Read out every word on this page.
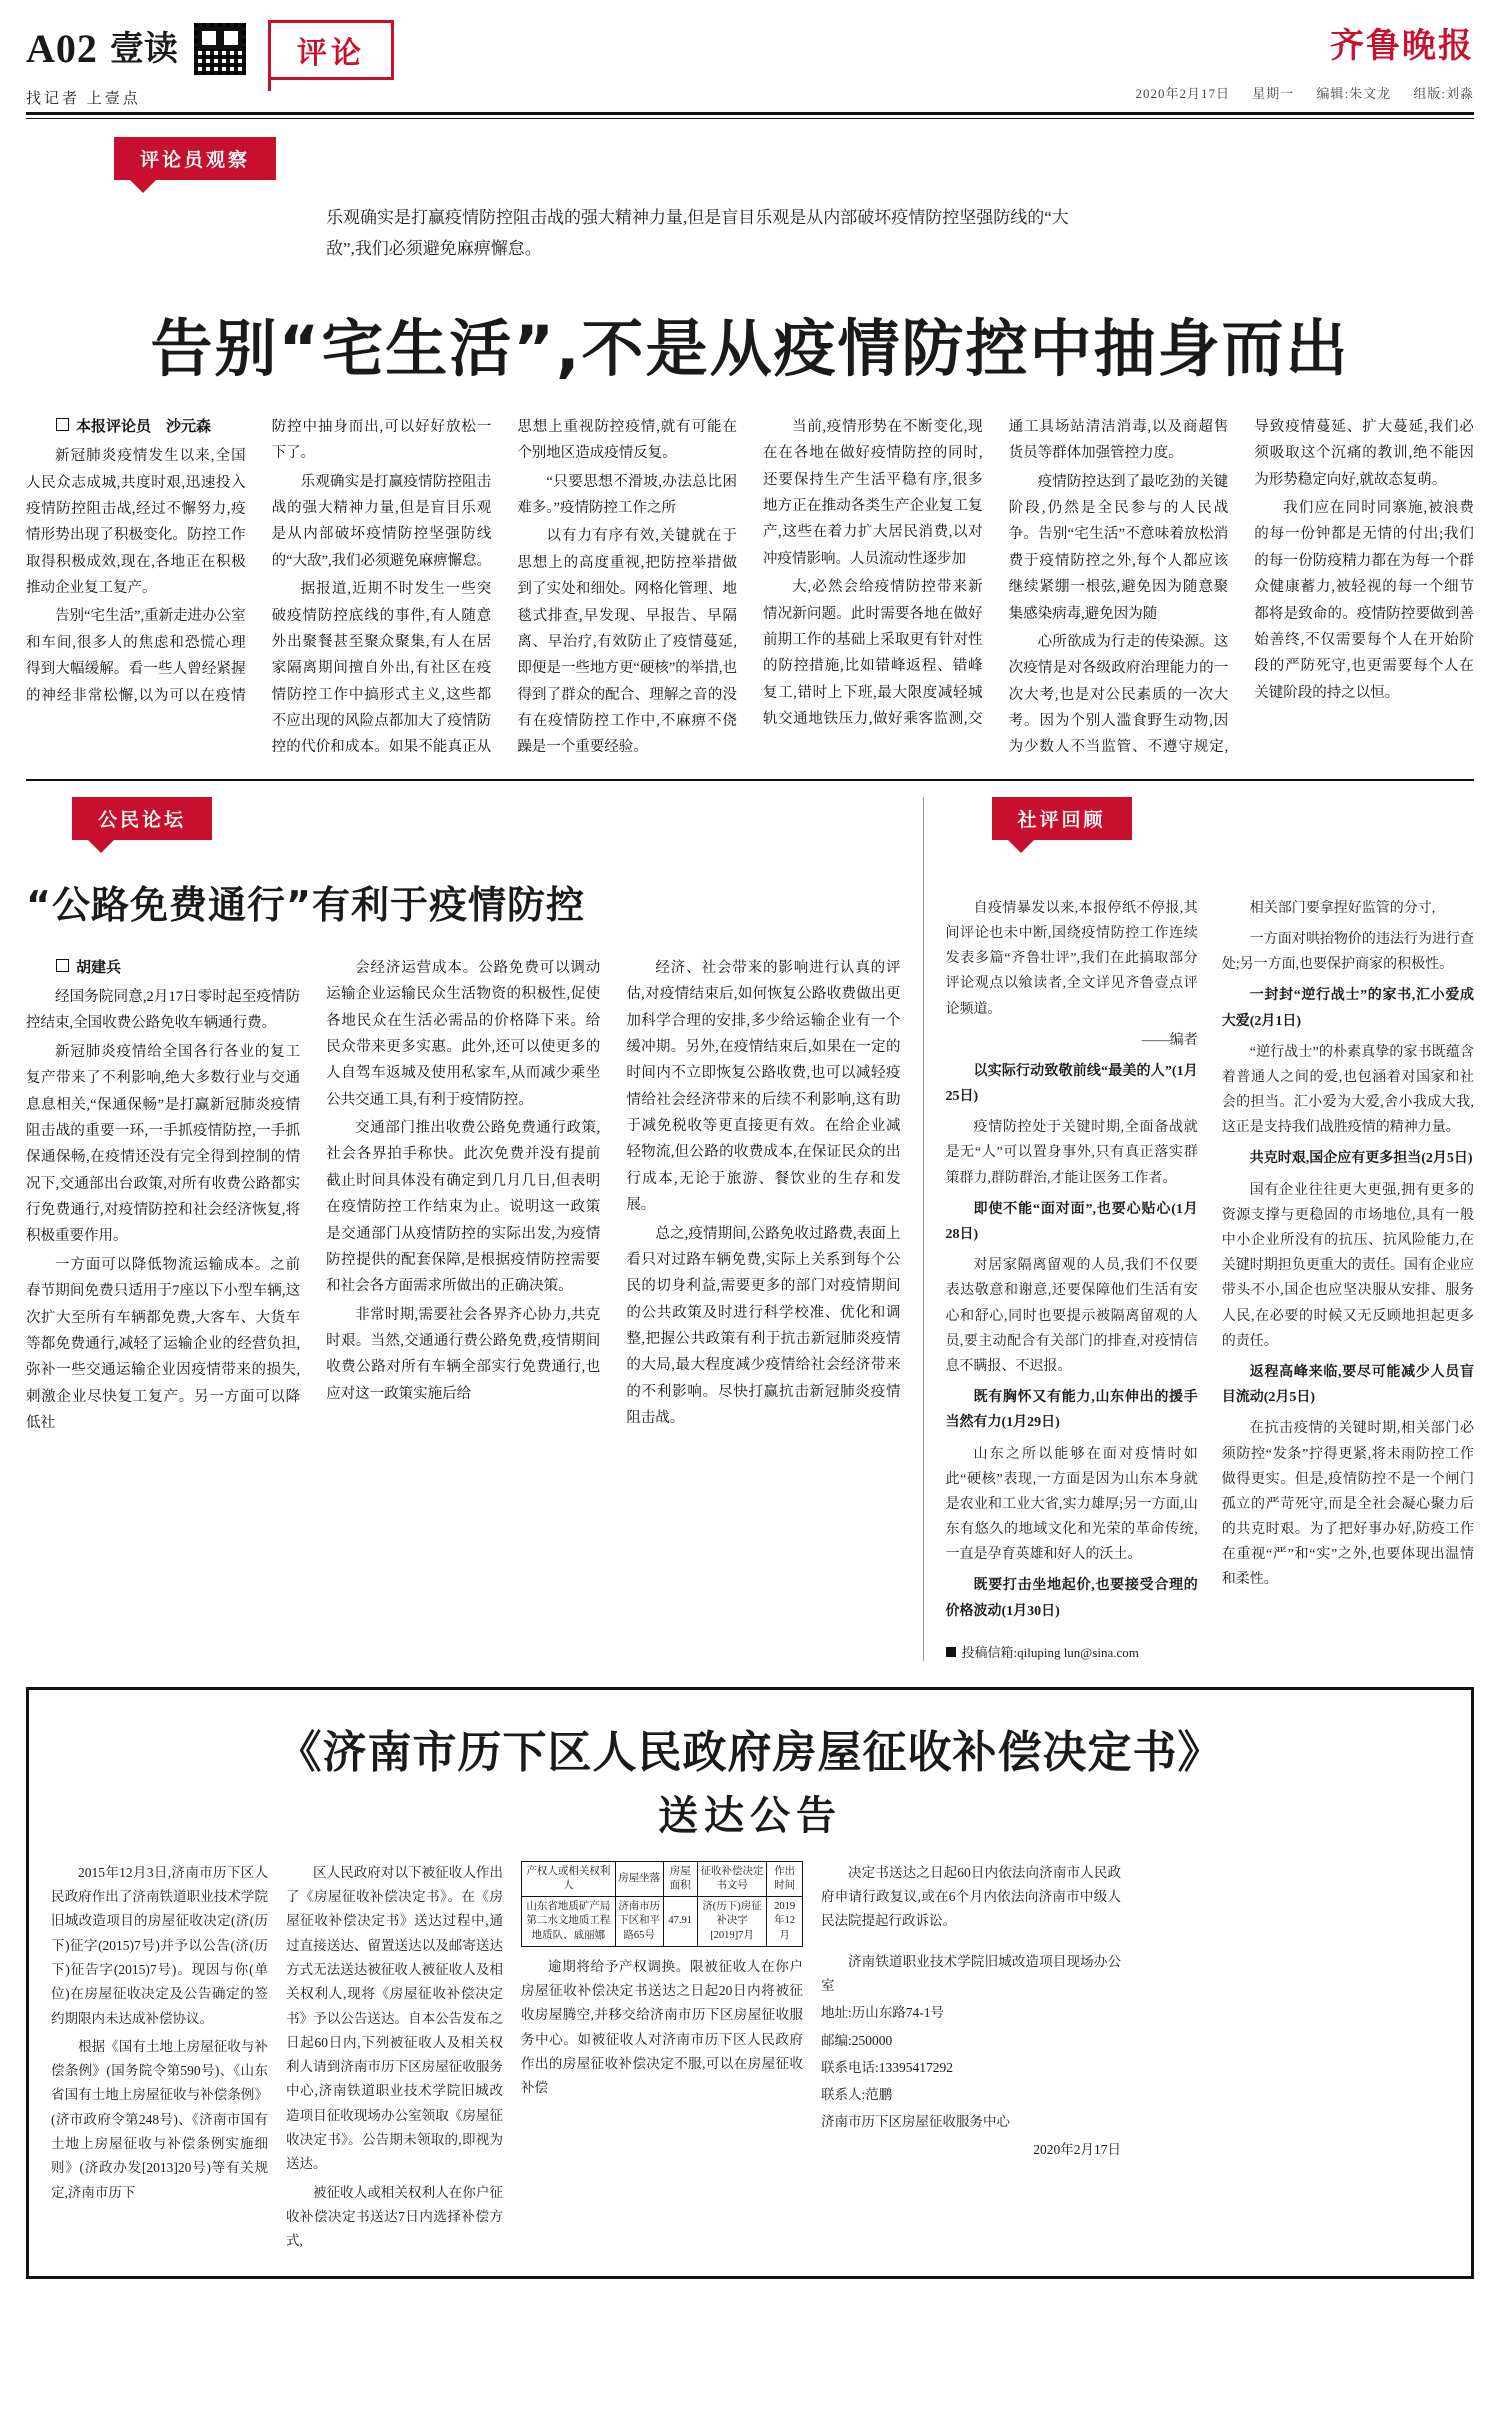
A02 壹读	评论
找记者 上壹点
齐鲁晚报
2020年2月17日 星期一 编辑:朱文龙 组版:刘淼
评论员观察
乐观确实是打赢疫情防控阻击战的强大精神力量,但是盲目乐观是从内部破坏疫情防控坚强防线的“大敌”,我们必须避免麻痹懈怠。
告别“宅生活”,不是从疫情防控中抽身而出

本报评论员　沙元森

新冠肺炎疫情发生以来,全国人民众志成城,共度时艰,迅速投入疫情防控阻击战,经过不懈努力,疫情形势出现了积极变化。防控工作取得积极成效,现在,各地正在积极推动企业复工复产。

告别“宅生活”,重新走进办公室和车间,很多人的焦虑和恐慌心理得到大幅缓解。看一些人曾经紧握的神经非常松懈,以为可以在疫情防控中抽身而出,可以好好放松一下了。

乐观确实是打赢疫情防控阻击战的强大精神力量,但是盲目乐观是从内部破坏疫情防控坚强防线的“大敌”,我们必须避免麻痹懈怠。

据报道,近期不时发生一些突破疫情防控底线的事件,有人随意外出聚餐甚至聚众聚集,有人在居家隔离期间擅自外出,有社区在疫情防控工作中搞形式主义,这些都不应出现的风险点都加大了疫情防控的代价和成本。如果不能真正从思想上重视防控疫情,就有可能在个别地区造成疫情反复。

“只要思想不滑坡,办法总比困难多。”疫情防控工作之所

以有力有序有效,关键就在于思想上的高度重视,把防控举措做到了实处和细处。网格化管理、地毯式排查,早发现、早报告、早隔离、早治疗,有效防止了疫情蔓延,即便是一些地方更“硬核”的举措,也得到了群众的配合、理解之音的没有在疫情防控工作中,不麻痹不侥躁是一个重要经验。

当前,疫情形势在不断变化,现在在各地在做好疫情防控的同时,还要保持生产生活平稳有序,很多地方正在推动各类生产企业复工复产,这些在着力扩大居民消费,以对冲疫情影响。人员流动性逐步加

大,必然会给疫情防控带来新情况新问题。此时需要各地在做好前期工作的基础上采取更有针对性的防控措施,比如错峰返程、错峰复工,错时上下班,最大限度减轻城轨交通地铁压力,做好乘客监测,交通工具场站清洁消毒,以及商超售货员等群体加强管控力度。

疫情防控达到了最吃劲的关键阶段,仍然是全民参与的人民战争。告别“宅生活”不意味着放松消费于疫情防控之外,每个人都应该继续紧绷一根弦,避免因为随意聚集感染病毒,避免因为随

心所欲成为行走的传染源。这次疫情是对各级政府治理能力的一次大考,也是对公民素质的一次大考。因为个别人滥食野生动物,因为少数人不当监管、不遵守规定,导致疫情蔓延、扩大蔓延,我们必须吸取这个沉痛的教训,绝不能因为形势稳定向好,就故态复萌。

我们应在同时同寨施,被浪费的每一份钟都是无情的付出;我们的每一份防疫精力都在为每一个群众健康蓄力,被轻视的每一个细节都将是致命的。疫情防控要做到善始善终,不仅需要每个人在开始阶段的严防死守,也更需要每个人在关键阶段的持之以恒。

公民论坛
“公路免费通行”有利于疫情防控

胡建兵

经国务院同意,2月17日零时起至疫情防控结束,全国收费公路免收车辆通行费。

新冠肺炎疫情给全国各行各业的复工复产带来了不利影响,绝大多数行业与交通息息相关,“保通保畅”是打赢新冠肺炎疫情阻击战的重要一环,一手抓疫情防控,一手抓保通保畅,在疫情还没有完全得到控制的情况下,交通部出台政策,对所有收费公路都实行免费通行,对疫情防控和社会经济恢复,将积极重要作用。

一方面可以降低物流运输成本。之前春节期间免费只适用于7座以下小型车辆,这次扩大至所有车辆都免费,大客车、大货车等都免费通行,减轻了运输企业的经营负担,弥补一些交通运输企业因疫情带来的损失,刺激企业尽快复工复产。另一方面可以降低社

会经济运营成本。公路免费可以调动运输企业运输民众生活物资的积极性,促使各地民众在生活必需品的价格降下来。给民众带来更多实惠。此外,还可以使更多的人自驾车返城及使用私家车,从而减少乘坐公共交通工具,有利于疫情防控。

交通部门推出收费公路免费通行政策,社会各界拍手称快。此次免费并没有提前截止时间具体没有确定到几月几日,但表明在疫情防控工作结束为止。说明这一政策是交通部门从疫情防控的实际出发,为疫情防控提供的配套保障,是根据疫情防控需要和社会各方面需求所做出的正确决策。

非常时期,需要社会各界齐心协力,共克时艰。当然,交通通行费公路免费,疫情期间收费公路对所有车辆全部实行免费通行,也应对这一政策实施后给

经济、社会带来的影响进行认真的评估,对疫情结束后,如何恢复公路收费做出更加科学合理的安排,多少给运输企业有一个缓冲期。另外,在疫情结束后,如果在一定的时间内不立即恢复公路收费,也可以减轻疫情给社会经济带来的后续不利影响,这有助于减免税收等更直接更有效。在给企业减轻物流,但公路的收费成本,在保证民众的出行成本,无论于旅游、餐饮业的生存和发展。

总之,疫情期间,公路免收过路费,表面上看只对过路车辆免费,实际上关系到每个公民的切身利益,需要更多的部门对疫情期间的公共政策及时进行科学校准、优化和调整,把握公共政策有利于抗击新冠肺炎疫情的大局,最大程度减少疫情给社会经济带来的不利影响。尽快打赢抗击新冠肺炎疫情阻击战。

社评回顾

自疫情暴发以来,本报停纸不停报,其间评论也未中断,国绕疫情防控工作连续发表多篇“齐鲁壮评”,我们在此搞取部分评论观点以飨读者,全文详见齐鲁壹点评论频道。

——编者

以实际行动致敬前线“最美的人”(1月25日)

疫情防控处于关键时期,全面备战就是无“人”可以置身事外,只有真正落实群策群力,群防群治,才能让医务工作者。

即使不能“面对面”,也要心贴心(1月28日)

对居家隔离留观的人员,我们不仅要表达敬意和谢意,还要保障他们生活有安心和舒心,同时也要提示被隔离留观的人员,要主动配合有关部门的排查,对疫情信息不瞒报、不迟报。

既有胸怀又有能力,山东伸出的援手当然有力(1月29日)

山东之所以能够在面对疫情时如此“硬核”表现,一方面是因为山东本身就是农业和工业大省,实力雄厚;另一方面,山东有悠久的地域文化和光荣的革命传统,一直是孕育英雄和好人的沃土。

既要打击坐地起价,也要接受合理的价格波动(1月30日)

相关部门要拿捏好监管的分寸,

一方面对哄抬物价的违法行为进行查处;另一方面,也要保护商家的积极性。

一封封“逆行战士”的家书,汇小爱成大爱(2月1日)

“逆行战士”的朴素真挚的家书既蕴含着普通人之间的爱,也包涵着对国家和社会的担当。汇小爱为大爱,舍小我成大我,这正是支持我们战胜疫情的精神力量。

共克时艰,国企应有更多担当(2月5日)

国有企业往往更大更强,拥有更多的资源支撑与更稳固的市场地位,具有一般中小企业所没有的抗压、抗风险能力,在关键时期担负更重大的责任。国有企业应带头不小,国企也应坚决服从安排、服务人民,在必要的时候又无反顾地担起更多的责任。

返程高峰来临,要尽可能减少人员盲目流动(2月5日)

在抗击疫情的关键时期,相关部门必须防控“发条”拧得更紧,将未雨防控工作做得更实。但是,疫情防控不是一个闸门孤立的严苛死守,而是全社会凝心聚力后的共克时艰。为了把好事办好,防疫工作在重视“严”和“实”之外,也要体现出温情和柔性。

投稿信箱:qiluping lun@sina.com
《济南市历下区人民政府房屋征收补偿决定书》
送达公告

2015年12月3日,济南市历下区人民政府作出了济南铁道职业技术学院旧城改造项目的房屋征收决定(济(历下)征字(2015)7号)并予以公告(济(历下)征告字(2015)7号)。现因与你(单位)在房屋征收决定及公告确定的签约期限内未达成补偿协议。

根据《国有土地上房屋征收与补偿条例》(国务院令第590号)、《山东省国有土地上房屋征收与补偿条例》(济市政府令第248号)、《济南市国有土地上房屋征收与补偿条例实施细则》(济政办发[2013]20号)等有关规定,济南市历下

区人民政府对以下被征收人作出了《房屋征收补偿决定书》。在《房屋征收补偿决定书》送达过程中,通过直接送达、留置送达以及邮寄送达方式无法送达被征收人被征收人及相关权利人,现将《房屋征收补偿决定书》予以公告送达。自本公告发布之日起60日内,下列被征收人及相关权利人请到济南市历下区房屋征收服务中心,济南铁道职业技术学院旧城改造项目征收现场办公室领取《房屋征收决定书》。公告期未领取的,即视为送达。

被征收人或相关权利人在你户征收补偿决定书送达7日内选择补偿方式,

产权人或相关权利人	房屋坐落	房屋面积	征收补偿决定书文号	作出时间
山东省地质矿产局第二水文地质工程地质队、戚丽娜	济南市历下区和平路65号	47.91	济(历下)房征补决字[2019]7月	2019年12月

逾期将给予产权调换。限被征收人在你户房屋征收补偿决定书送达之日起20日内将被征收房屋腾空,并移交给济南市历下区房屋征收服务中心。如被征收人对济南市历下区人民政府作出的房屋征收补偿决定不服,可以在房屋征收补偿

决定书送达之日起60日内依法向济南市人民政府申请行政复议,或在6个月内依法向济南市中级人民法院提起行政诉讼。

济南铁道职业技术学院旧城改造项目现场办公室

地址:历山东路74-1号

邮编:250000

联系电话:13395417292

联系人:范鹏

济南市历下区房屋征收服务中心

2020年2月17日
